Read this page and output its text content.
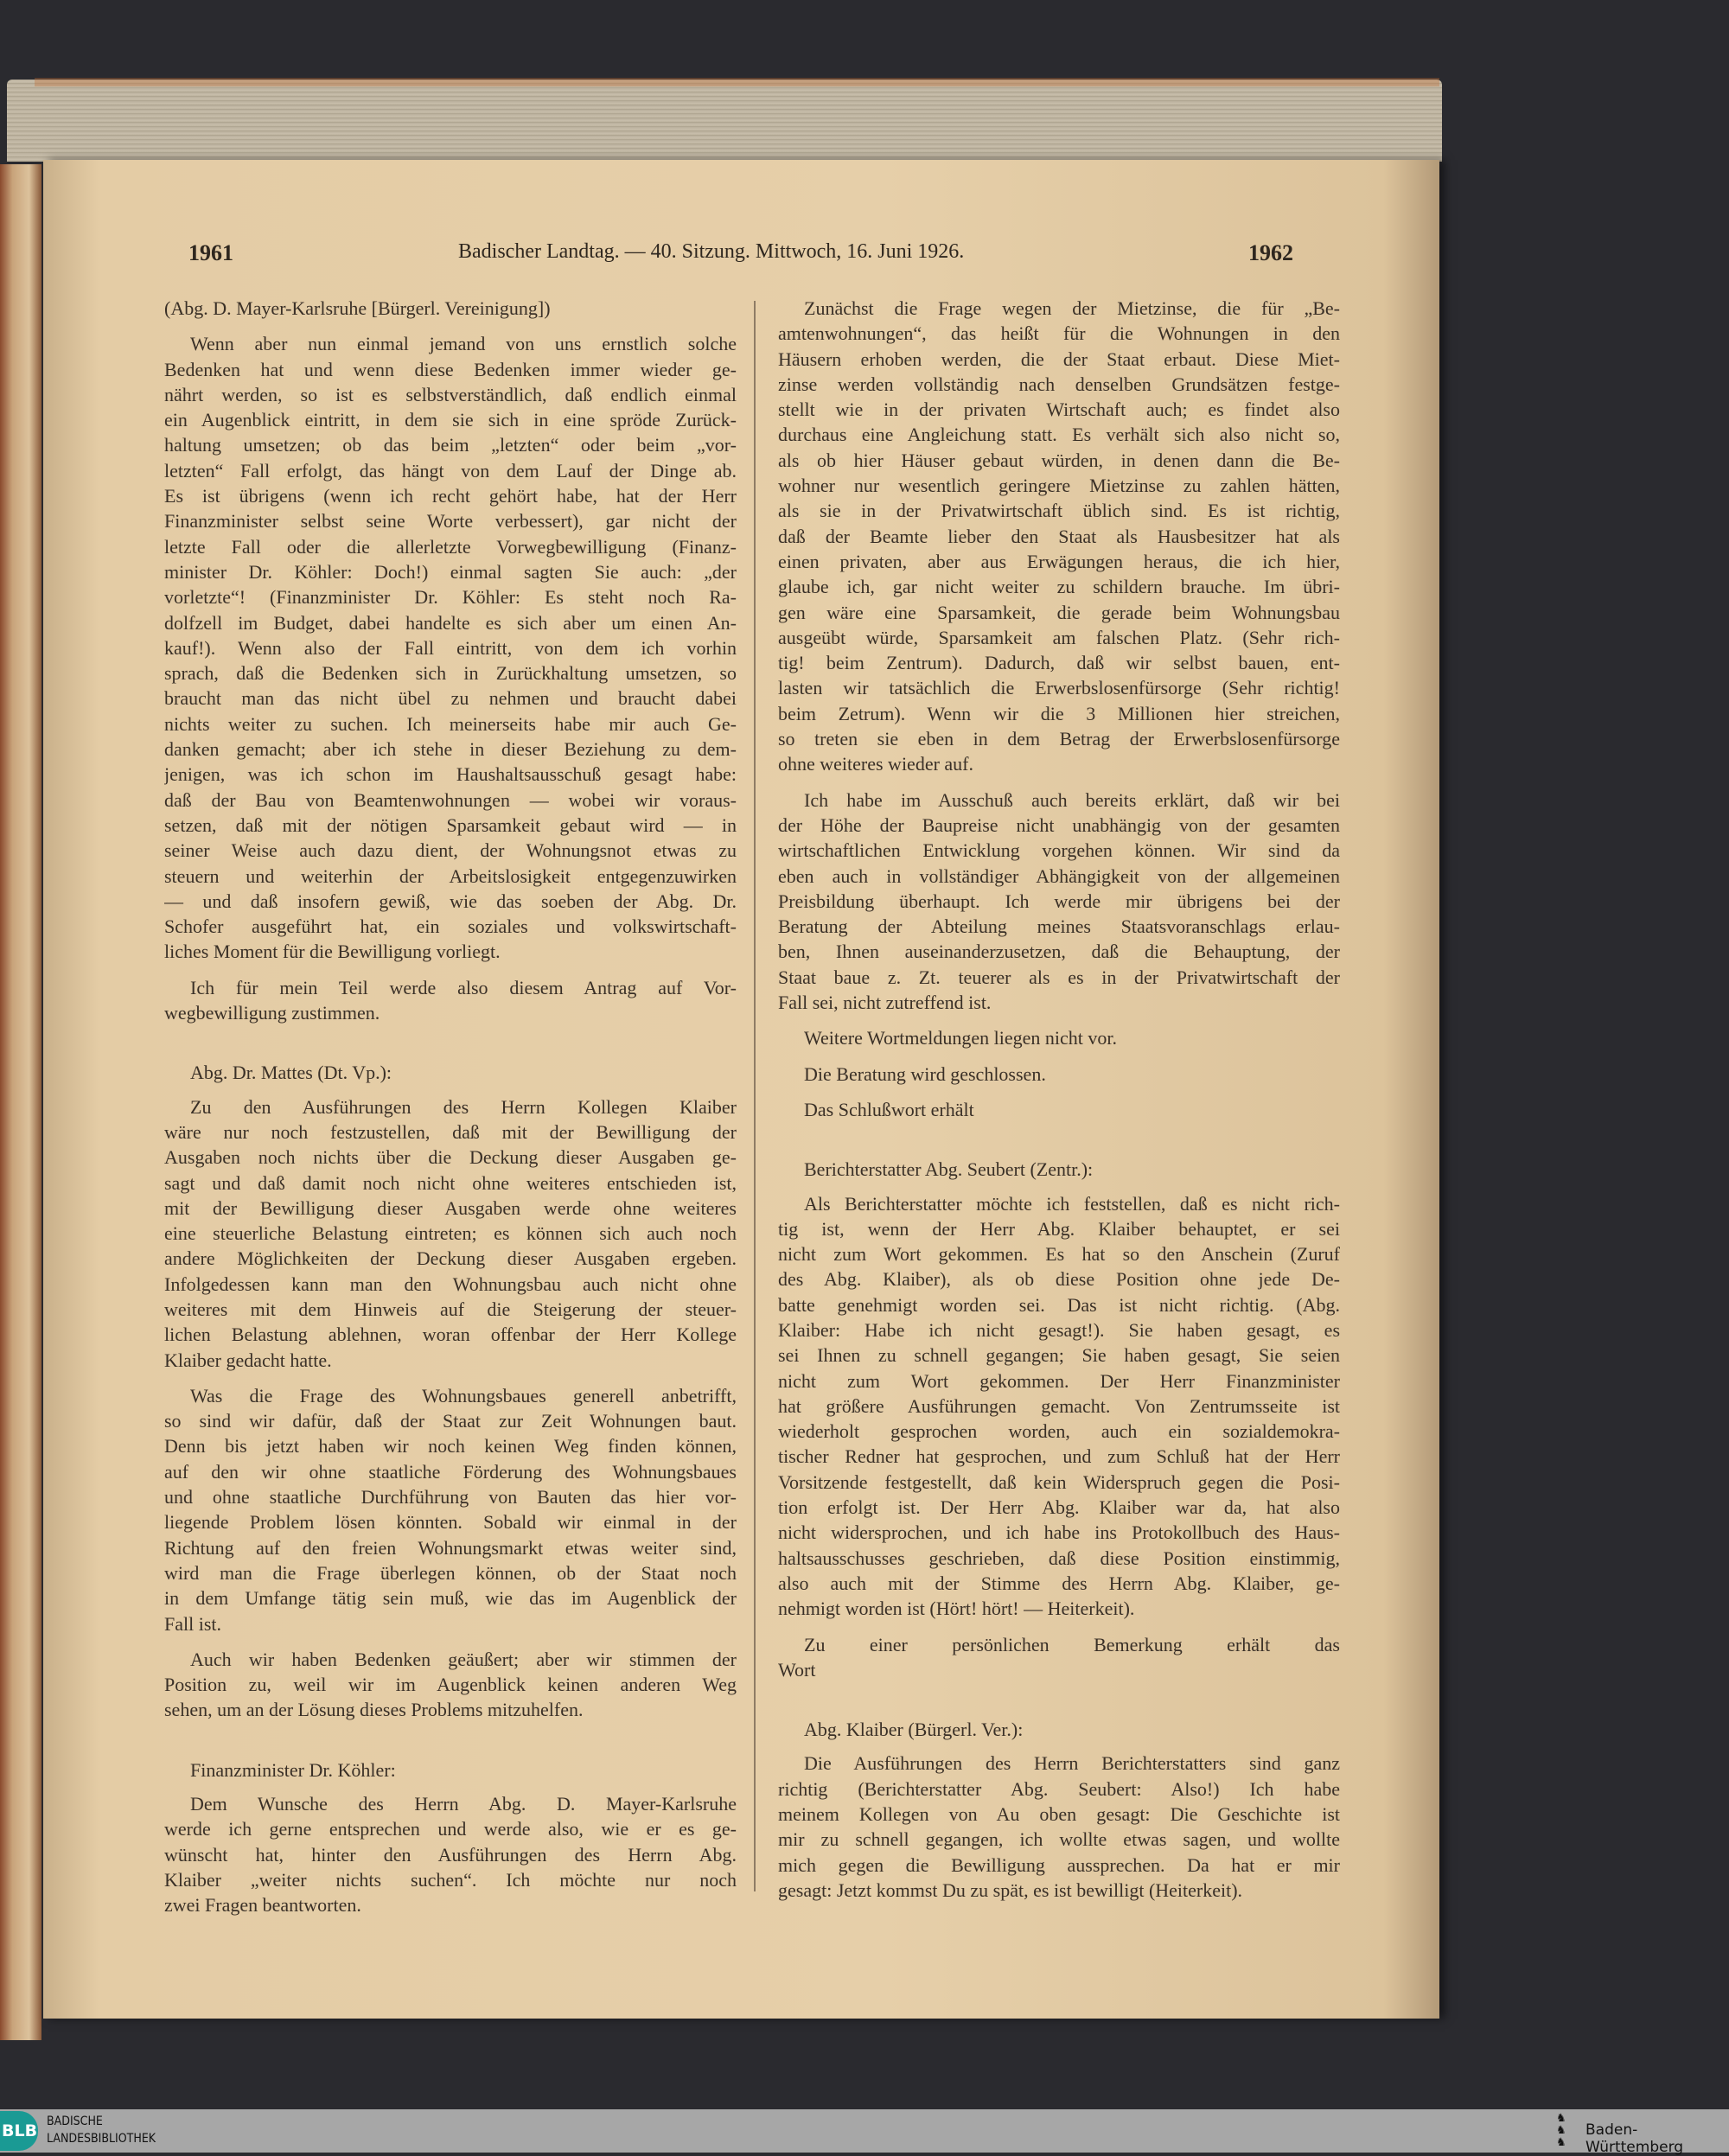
1961	Badischer Landtag. — 40. Sitzung. Mittwoch, 16. Juni 1926.	1962
(Abg. D. Mayer-Karlsruhe [Bürgerl. Vereinigung])
Wenn aber nun einmal jemand von uns ernstlich solche
Bedenken hat und wenn diese Bedenken immer wieder ge-
nährt werden, so ist es selbstverständlich, daß endlich einmal
ein Augenblick eintritt, in dem sie sich in eine spröde Zurück-
haltung umsetzen; ob das beim „letzten“ oder beim „vor-
letzten“ Fall erfolgt, das hängt von dem Lauf der Dinge ab.
Es ist übrigens (wenn ich recht gehört habe, hat der Herr
Finanzminister selbst seine Worte verbessert), gar nicht der
letzte Fall oder die allerletzte Vorwegbewilligung (Finanz-
minister Dr. Köhler: Doch!) einmal sagten Sie auch: „der
vorletzte“! (Finanzminister Dr. Köhler: Es steht noch Ra-
dolfzell im Budget, dabei handelte es sich aber um einen An-
kauf!). Wenn also der Fall eintritt, von dem ich vorhin
sprach, daß die Bedenken sich in Zurückhaltung umsetzen, so
braucht man das nicht übel zu nehmen und braucht dabei
nichts weiter zu suchen. Ich meinerseits habe mir auch Ge-
danken gemacht; aber ich stehe in dieser Beziehung zu dem-
jenigen, was ich schon im Haushaltsausschuß gesagt habe:
daß der Bau von Beamtenwohnungen — wobei wir voraus-
setzen, daß mit der nötigen Sparsamkeit gebaut wird — in
seiner Weise auch dazu dient, der Wohnungsnot etwas zu
steuern und weiterhin der Arbeitslosigkeit entgegenzuwirken
— und daß insofern gewiß, wie das soeben der Abg. Dr.
Schofer ausgeführt hat, ein soziales und volkswirtschaft-
liches Moment für die Bewilligung vorliegt.
Ich für mein Teil werde also diesem Antrag auf Vor-
wegbewilligung zustimmen.
Abg. Dr. Mattes (Dt. Vp.):
Zu den Ausführungen des Herrn Kollegen Klaiber
wäre nur noch festzustellen, daß mit der Bewilligung der
Ausgaben noch nichts über die Deckung dieser Ausgaben ge-
sagt und daß damit noch nicht ohne weiteres entschieden ist,
mit der Bewilligung dieser Ausgaben werde ohne weiteres
eine steuerliche Belastung eintreten; es können sich auch noch
andere Möglichkeiten der Deckung dieser Ausgaben ergeben.
Infolgedessen kann man den Wohnungsbau auch nicht ohne
weiteres mit dem Hinweis auf die Steigerung der steuer-
lichen Belastung ablehnen, woran offenbar der Herr Kollege
Klaiber gedacht hatte.
Was die Frage des Wohnungsbaues generell anbetrifft,
so sind wir dafür, daß der Staat zur Zeit Wohnungen baut.
Denn bis jetzt haben wir noch keinen Weg finden können,
auf den wir ohne staatliche Förderung des Wohnungsbaues
und ohne staatliche Durchführung von Bauten das hier vor-
liegende Problem lösen könnten. Sobald wir einmal in der
Richtung auf den freien Wohnungsmarkt etwas weiter sind,
wird man die Frage überlegen können, ob der Staat noch
in dem Umfange tätig sein muß, wie das im Augenblick der
Fall ist.
Auch wir haben Bedenken geäußert; aber wir stimmen der
Position zu, weil wir im Augenblick keinen anderen Weg
sehen, um an der Lösung dieses Problems mitzuhelfen.
Finanzminister Dr. Köhler:
Dem Wunsche des Herrn Abg. D. Mayer-Karlsruhe
werde ich gerne entsprechen und werde also, wie er es ge-
wünscht hat, hinter den Ausführungen des Herrn Abg.
Klaiber „weiter nichts suchen“. Ich möchte nur noch
zwei Fragen beantworten.
Zunächst die Frage wegen der Mietzinse, die für „Be-
amtenwohnungen“, das heißt für die Wohnungen in den
Häusern erhoben werden, die der Staat erbaut. Diese Miet-
zinse werden vollständig nach denselben Grundsätzen festge-
stellt wie in der privaten Wirtschaft auch; es findet also
durchaus eine Angleichung statt. Es verhält sich also nicht so,
als ob hier Häuser gebaut würden, in denen dann die Be-
wohner nur wesentlich geringere Mietzinse zu zahlen hätten,
als sie in der Privatwirtschaft üblich sind. Es ist richtig,
daß der Beamte lieber den Staat als Hausbesitzer hat als
einen privaten, aber aus Erwägungen heraus, die ich hier,
glaube ich, gar nicht weiter zu schildern brauche. Im übri-
gen wäre eine Sparsamkeit, die gerade beim Wohnungsbau
ausgeübt würde, Sparsamkeit am falschen Platz. (Sehr rich-
tig! beim Zentrum). Dadurch, daß wir selbst bauen, ent-
lasten wir tatsächlich die Erwerbslosenfürsorge (Sehr richtig!
beim Zetrum). Wenn wir die 3 Millionen hier streichen,
so treten sie eben in dem Betrag der Erwerbslosenfürsorge
ohne weiteres wieder auf.
Ich habe im Ausschuß auch bereits erklärt, daß wir bei
der Höhe der Baupreise nicht unabhängig von der gesamten
wirtschaftlichen Entwicklung vorgehen können. Wir sind da
eben auch in vollständiger Abhängigkeit von der allgemeinen
Preisbildung überhaupt. Ich werde mir übrigens bei der
Beratung der Abteilung meines Staatsvoranschlags erlau-
ben, Ihnen auseinanderzusetzen, daß die Behauptung, der
Staat baue z. Zt. teuerer als es in der Privatwirtschaft der
Fall sei, nicht zutreffend ist.
Weitere Wortmeldungen liegen nicht vor.
Die Beratung wird geschlossen.
Das Schlußwort erhält
Berichterstatter Abg. Seubert (Zentr.):
Als Berichterstatter möchte ich feststellen, daß es nicht rich-
tig ist, wenn der Herr Abg. Klaiber behauptet, er sei
nicht zum Wort gekommen. Es hat so den Anschein (Zuruf
des Abg. Klaiber), als ob diese Position ohne jede De-
batte genehmigt worden sei. Das ist nicht richtig. (Abg.
Klaiber: Habe ich nicht gesagt!). Sie haben gesagt, es
sei Ihnen zu schnell gegangen; Sie haben gesagt, Sie seien
nicht zum Wort gekommen. Der Herr Finanzminister
hat größere Ausführungen gemacht. Von Zentrumsseite ist
wiederholt gesprochen worden, auch ein sozialdemokra-
tischer Redner hat gesprochen, und zum Schluß hat der Herr
Vorsitzende festgestellt, daß kein Widerspruch gegen die Posi-
tion erfolgt ist. Der Herr Abg. Klaiber war da, hat also
nicht widersprochen, und ich habe ins Protokollbuch des Haus-
haltsausschusses geschrieben, daß diese Position einstimmig,
also auch mit der Stimme des Herrn Abg. Klaiber, ge-
nehmigt worden ist (Hört! hört! — Heiterkeit).
Zu einer persönlichen Bemerkung erhält das
Wort
Abg. Klaiber (Bürgerl. Ver.):
Die Ausführungen des Herrn Berichterstatters sind ganz
richtig (Berichterstatter Abg. Seubert: Also!) Ich habe
meinem Kollegen von Au oben gesagt: Die Geschichte ist
mir zu schnell gegangen, ich wollte etwas sagen, und wollte
mich gegen die Bewilligung aussprechen. Da hat er mir
gesagt: Jetzt kommst Du zu spät, es ist bewilligt (Heiterkeit).
BLB BADISCHE
LANDESBIBLIOTHEK
♞
♞
♞
Baden-Württemberg
